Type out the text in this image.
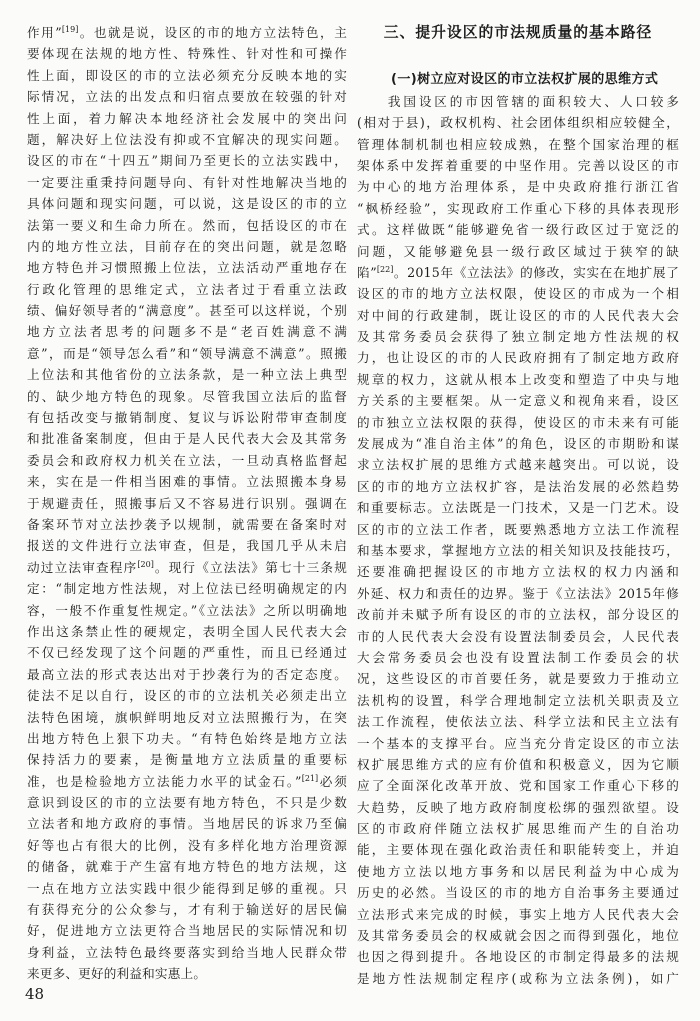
作用”[19]。也就是说，设区的市的地方立法特色，主
要体现在法规的地方性、特殊性、针对性和可操作
性上面，即设区的市的立法必须充分反映本地的实
际情况，立法的出发点和归宿点要放在较强的针对
性上面，着力解决本地经济社会发展中的突出问
题，解决好上位法没有抑或不宜解决的现实问题。
设区的市在“十四五”期间乃至更长的立法实践中，
一定要注重秉持问题导向、有针对性地解决当地的
具体问题和现实问题，可以说，这是设区的市的立
法第一要义和生命力所在。然而，包括设区的市在
内的地方性立法，目前存在的突出问题，就是忽略
地方特色并习惯照搬上位法，立法活动严重地存在
行政化管理的思维定式，立法者过于看重立法政
绩、偏好领导者的“满意度”。甚至可以这样说，个别
地方立法者思考的问题多不是“老百姓满意不满
意”，而是“领导怎么看”和“领导满意不满意”。照搬
上位法和其他省份的立法条款，是一种立法上典型
的、缺少地方特色的现象。尽管我国立法后的监督
有包括改变与撤销制度、复议与诉讼附带审查制度
和批准备案制度，但由于是人民代表大会及其常务
委员会和政府权力机关在立法，一旦动真格监督起
来，实在是一件相当困难的事情。立法照搬本身易
于规避责任，照搬事后又不容易进行识别。强调在
备案环节对立法抄袭予以规制，就需要在备案时对
报送的文件进行立法审查，但是，我国几乎从未启
动过立法审查程序[20]。现行《立法法》第七十三条规
定：“制定地方性法规，对上位法已经明确规定的内
容，一般不作重复性规定。”《立法法》之所以明确地
作出这条禁止性的硬规定，表明全国人民代表大会
不仅已经发现了这个问题的严重性，而且已经通过
最高立法的形式表达出对于抄袭行为的否定态度。
徒法不足以自行，设区的市的立法机关必须走出立
法特色困境，旗帜鲜明地反对立法照搬行为，在突
出地方特色上狠下功夫。“有特色始终是地方立法
保持活力的要素，是衡量地方立法质量的重要标
准，也是检验地方立法能力水平的试金石。”[21]必须
意识到设区的市的立法要有地方特色，不只是少数
立法者和地方政府的事情。当地居民的诉求乃至偏
好等也占有很大的比例，没有多样化地方治理资源
的储备，就难于产生富有地方特色的地方法规，这
一点在地方立法实践中很少能得到足够的重视。只
有获得充分的公众参与，才有利于输送好的居民偏
好，促进地方立法更符合当地居民的实际情况和切
身利益，立法特色最终要落实到给当地人民群众带
来更多、更好的利益和实惠上。
三、提升设区的市法规质量的基本路径
(一)树立应对设区的市立法权扩展的思维方式
　　我国设区的市因管辖的面积较大、人口较多
(相对于县)，政权机构、社会团体组织相应较健全，
管理体制机制也相应较成熟，在整个国家治理的框
架体系中发挥着重要的中坚作用。完善以设区的市
为中心的地方治理体系，是中央政府推行浙江省
“枫桥经验”，实现政府工作重心下移的具体表现形
式。这样做既“能够避免省一级行政区过于宽泛的
问题，又能够避免县一级行政区域过于狭窄的缺
陷”[22]。2015年《立法法》的修改，实实在在地扩展了
设区的市的地方立法权限，使设区的市成为一个相
对中间的行政建制，既让设区的市的人民代表大会
及其常务委员会获得了独立制定地方性法规的权
力，也让设区的市的人民政府拥有了制定地方政府
规章的权力，这就从根本上改变和塑造了中央与地
方关系的主要框架。从一定意义和视角来看，设区
的市独立立法权限的获得，使设区的市未来有可能
发展成为“准自治主体”的角色，设区的市期盼和谋
求立法权扩展的思维方式越来越突出。可以说，设
区的市的地方立法权扩容，是法治发展的必然趋势
和重要标志。立法既是一门技术，又是一门艺术。设
区的市的立法工作者，既要熟悉地方立法工作流程
和基本要求，掌握地方立法的相关知识及技能技巧，
还要准确把握设区的市地方立法权的权力内涵和
外延、权力和责任的边界。鉴于《立法法》2015年修
改前并未赋予所有设区的市的立法权，部分设区的
市的人民代表大会没有设置法制委员会，人民代表
大会常务委员会也没有设置法制工作委员会的状
况，这些设区的市首要任务，就是要致力于推动立
法机构的设置，科学合理地制定立法机关职责及立
法工作流程，使依法立法、科学立法和民主立法有
一个基本的支撑平台。应当充分肯定设区的市立法
权扩展思维方式的应有价值和积极意义，因为它顺
应了全面深化改革开放、党和国家工作重心下移的
大趋势，反映了地方政府制度松绑的强烈欲望。设
区的市政府伴随立法权扩展思维而产生的自治功
能，主要体现在强化政治责任和职能转变上，并迫
使地方立法以地方事务和以居民利益为中心成为
历史的必然。当设区的市的地方自治事务主要通过
立法形式来完成的时候，事实上地方人民代表大会
及其常务委员会的权威就会因之而得到强化，地位
也因之得到提升。各地设区的市制定得最多的法规
是地方性法规制定程序(或称为立法条例)，如广
48
